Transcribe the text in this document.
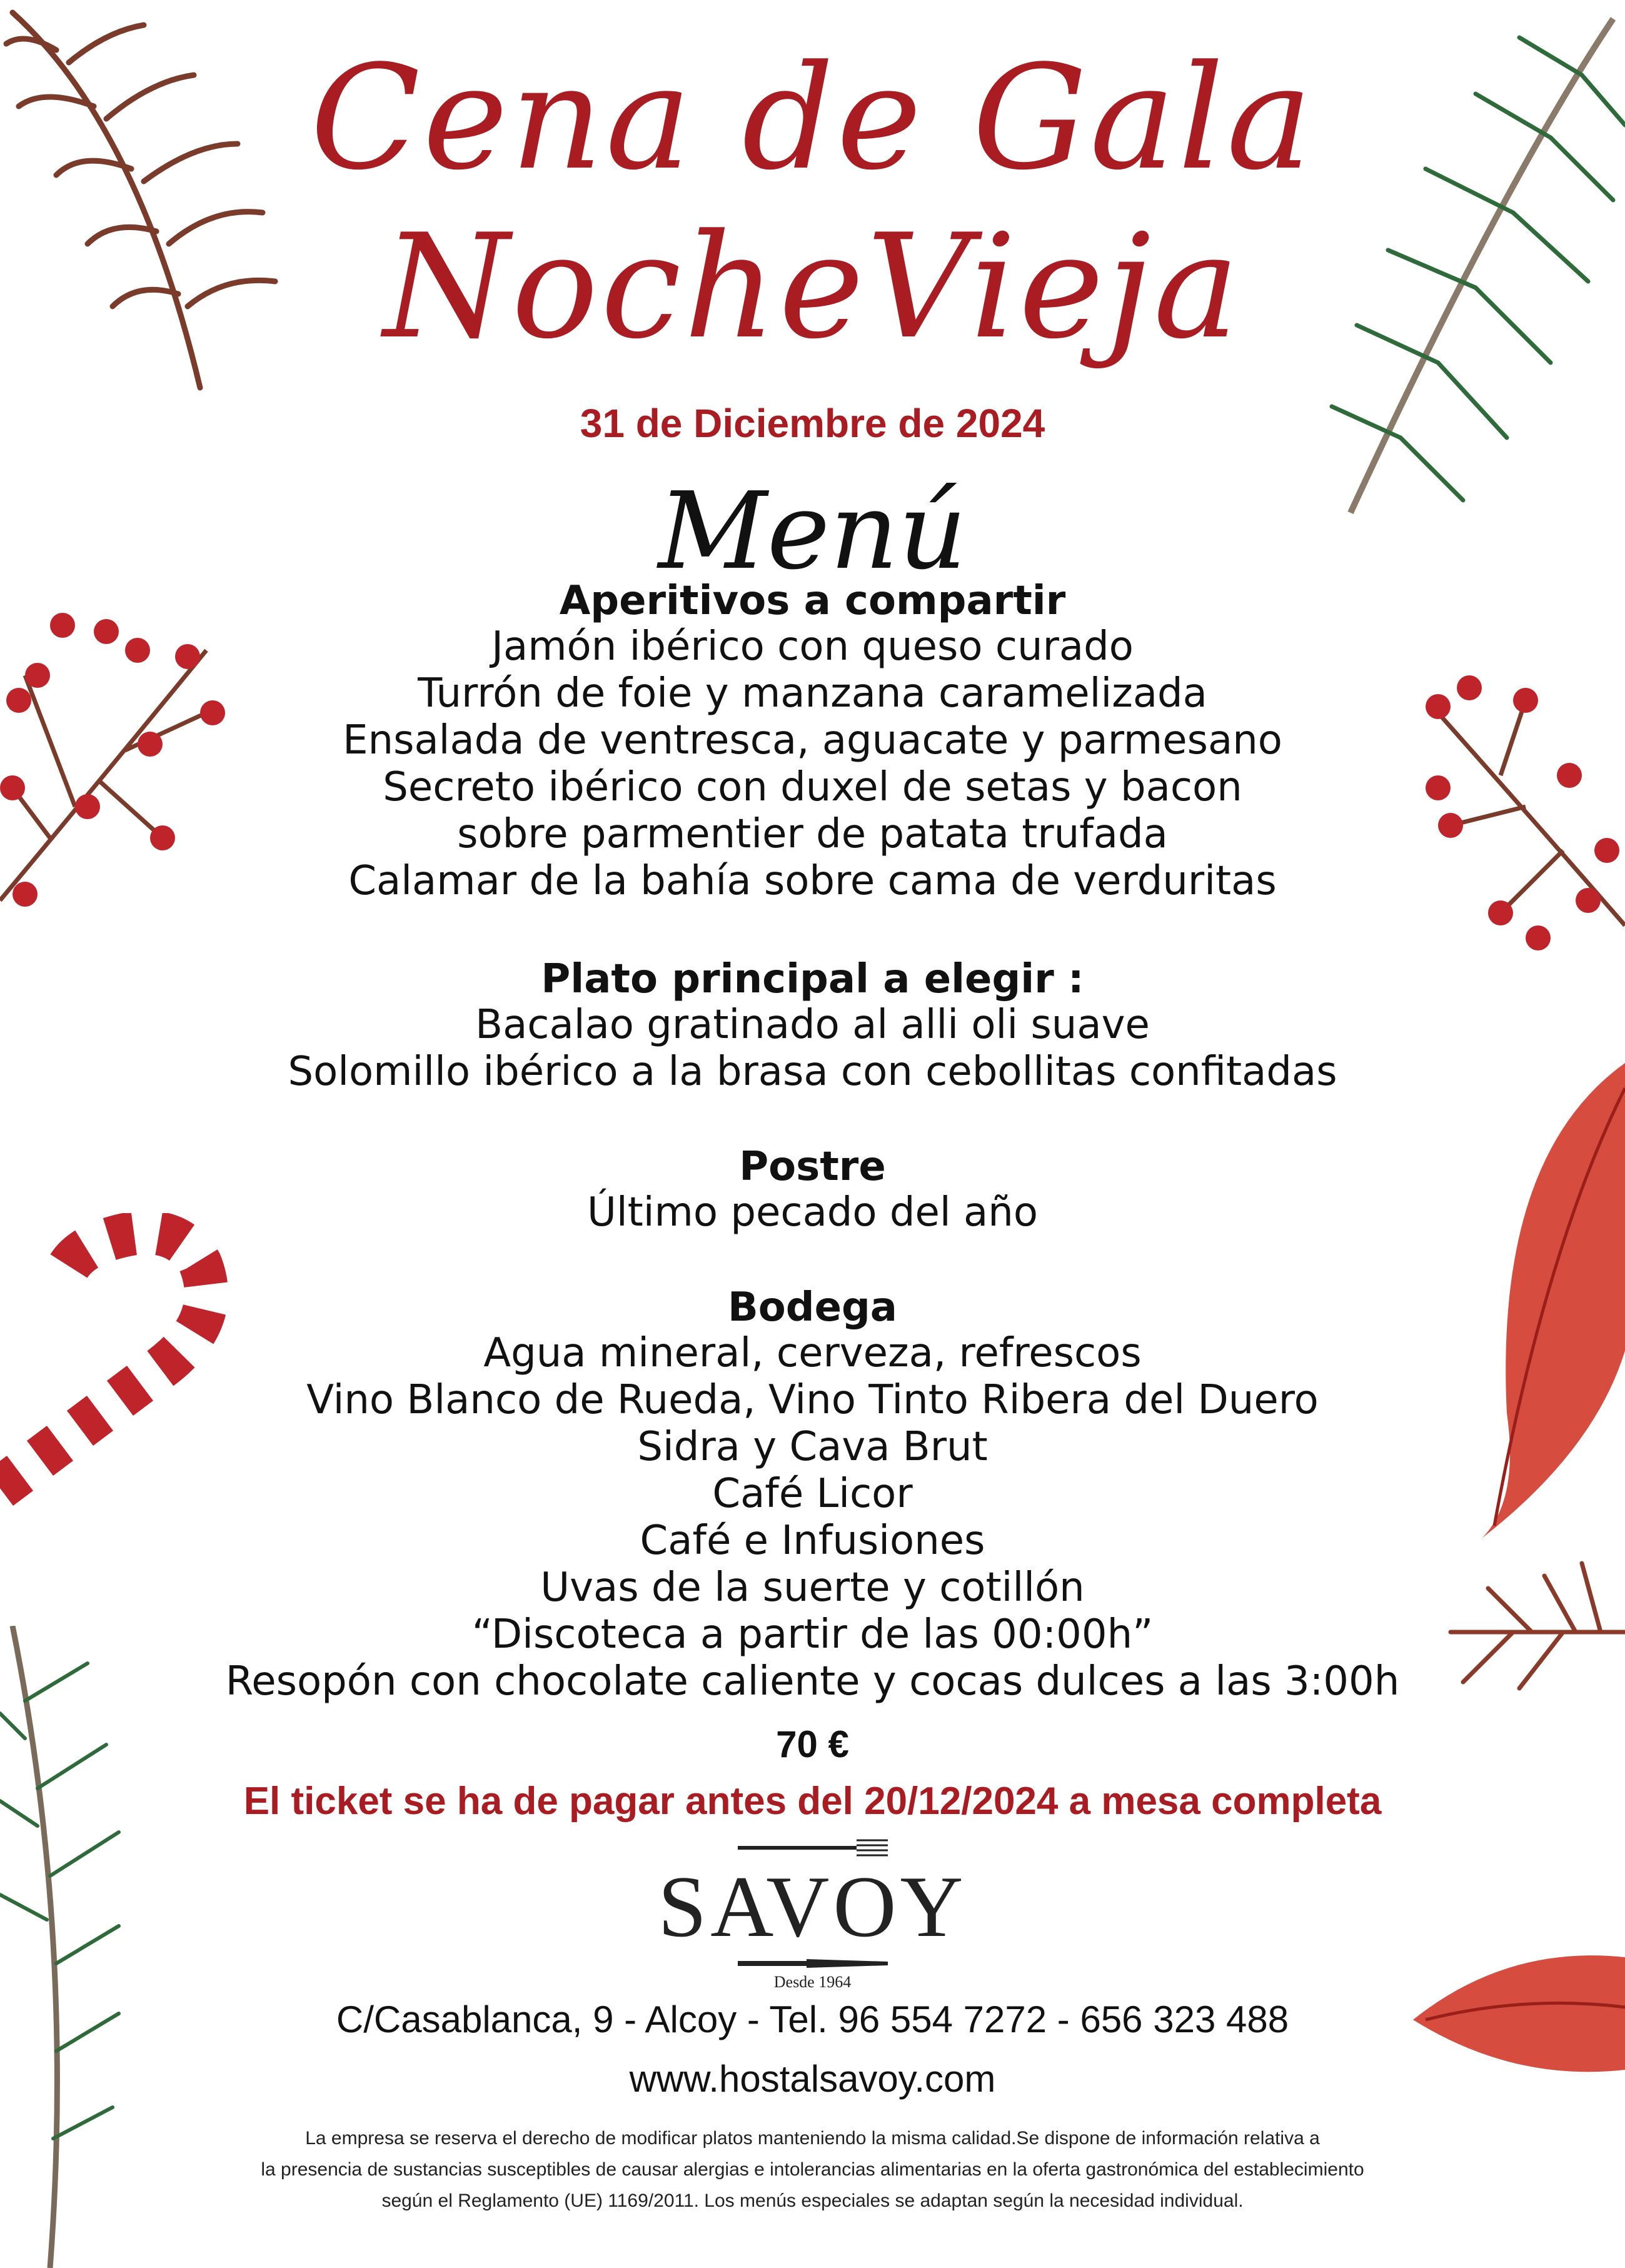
Cena de Gala
NocheVieja
31 de Diciembre de 2024
Menú

Aperitivos a compartir

Jamón ibérico con queso curado

Turrón de foie y manzana caramelizada

Ensalada de ventresca, aguacate y parmesano

Secreto ibérico con duxel de setas y bacon

sobre parmentier de patata trufada

Calamar de la bahía sobre cama de verduritas

Plato principal a elegir :

Bacalao gratinado al alli oli suave

Solomillo ibérico a la brasa con cebollitas confitadas

Postre

Último pecado del año

Bodega

Agua mineral, cerveza, refrescos

Vino Blanco de Rueda, Vino Tinto Ribera del Duero

Sidra y Cava Brut

Café Licor

Café e Infusiones

Uvas de la suerte y cotillón

“Discoteca a partir de las 00:00h”

Resopón con chocolate caliente y cocas dulces a las 3:00h

70 €
El ticket se ha de pagar antes del 20/12/2024 a mesa completa
SAVOY
Desde 1964
C/Casablanca, 9 - Alcoy - Tel. 96 554 7272 - 656 323 488
www.hostalsavoy.com

La empresa se reserva el derecho de modificar platos manteniendo la misma calidad.Se dispone de información relativa a

la presencia de sustancias susceptibles de causar alergias e intolerancias alimentarias en la oferta gastronómica del establecimiento

según el Reglamento (UE) 1169/2011. Los menús especiales se adaptan según la necesidad individual.
